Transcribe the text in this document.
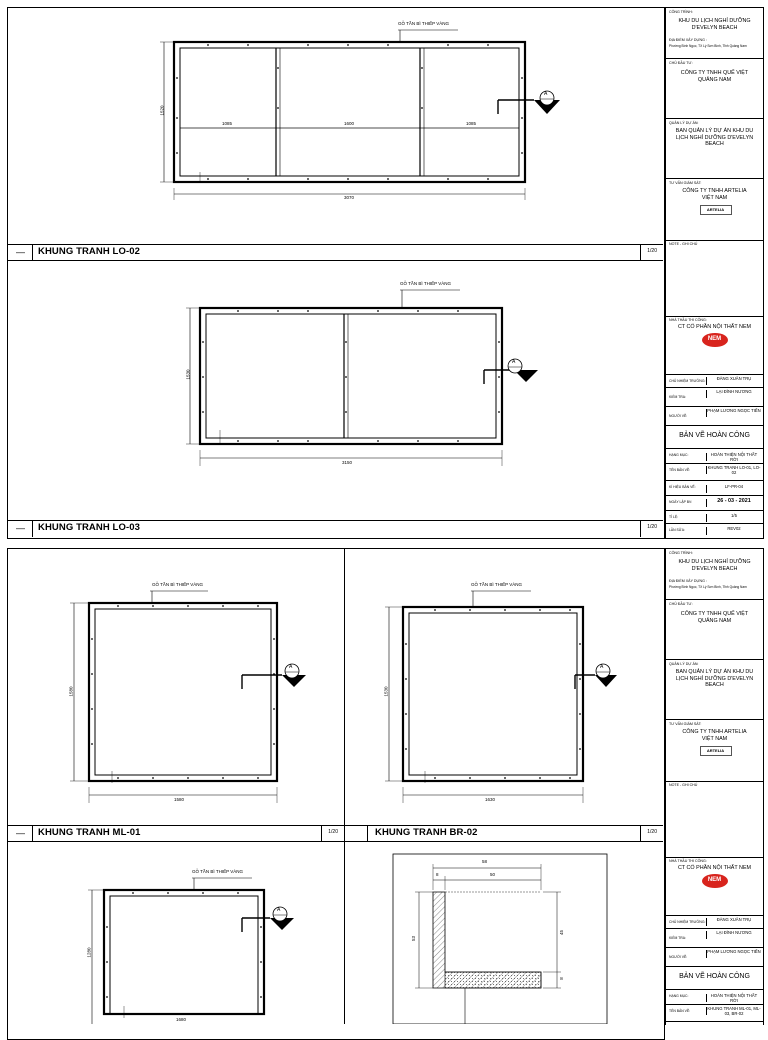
GỖ TẦN BÌ THIẾP VÀNG
1520
3070
1085	1600	1085
A
— KHUNG TRANH LO-02	1/20
GỖ TẦN BÌ THIẾP VÀNG
1530
3150
A
— KHUNG TRANH LO-03	1/20
CÔNG TRÌNH:
KHU DU LỊCH NGHỈ DƯỠNG D'EVELYN BEACH
ĐỊA ĐIỂM XÂY DỰNG :
Phường Bình Ngọc, TX Lý Sơn Bình, Tỉnh Quảng Nam
CHỦ ĐẦU TƯ:
CÔNG TY TNHH QUẾ VIỆT QUẢNG NAM
QUẢN LÝ DỰ ÁN:
BAN QUẢN LÝ DỰ ÁN KHU DU LỊCH NGHỈ DƯỠNG D'EVELYN BEACH
TƯ VẤN GIÁM SÁT:
CÔNG TY TNHH ARTELIA VIỆT NAM
ARTELIA
NOTE - GHI CHÚ
NHÀ THẦU THI CÔNG:
CT CỔ PHẦN NỘI THẤT NEM
NEM
CHỦ NHIỆM TRƯỞNG:	ĐÀNG XUÂN TRỤ
KIỂM TRA:
LẠI ĐÌNH NƯƠNG
NGƯỜI VẼ:
PHẠM LƯƠNG NGỌC TIẾN
BẢN VẼ HOÀN CÔNG
HẠNG MỤC:	HOÀN THIỆN NỘI THẤT RỜI
TÊN BẢN VẼ:	KHUNG TRANH LO-01, LO-02
KÍ HIỆU BẢN VẼ:	LF-PR-04
NGÀY LẬP BV:	26 - 03 - 2021
TỈ LỆ:	1/5
LẦN SỬA:	REV02
GỖ TẦN BÌ THIẾP VÀNG
1580
1580
A
GỖ TẦN BÌ THIẾP VÀNG
1530
1630
A
— KHUNG TRANH ML-01	1/20	KHUNG TRANH BR-02	1/20
GỖ TẦN BÌ THIẾP VÀNG
1280
1680
A
58
8	50
53
45
8
CÔNG TRÌNH:
KHU DU LỊCH NGHỈ DƯỠNG D'EVELYN BEACH
ĐỊA ĐIỂM XÂY DỰNG :
Phường Bình Ngọc, TX Lý Sơn Bình, Tỉnh Quảng Nam
CHỦ ĐẦU TƯ:
CÔNG TY TNHH QUẾ VIỆT QUẢNG NAM
QUẢN LÝ DỰ ÁN:
BAN QUẢN LÝ DỰ ÁN KHU DU LỊCH NGHỈ DƯỠNG D'EVELYN BEACH
TƯ VẤN GIÁM SÁT:
CÔNG TY TNHH ARTELIA VIỆT NAM
ARTELIA
NOTE - GHI CHÚ
NHÀ THẦU THI CÔNG:
CT CỔ PHẦN NỘI THẤT NEM
NEM
CHỦ NHIỆM TRƯỞNG:	ĐÀNG XUÂN TRỤ
KIỂM TRA:
LẠI ĐÌNH NƯƠNG
NGƯỜI VẼ:
PHẠM LƯƠNG NGỌC TIẾN
BẢN VẼ HOÀN CÔNG
HẠNG MỤC:	HOÀN THIỆN NỘI THẤT RỜI
TÊN BẢN VẼ:	KHUNG TRANH ML-01, ML-03, BR-02
